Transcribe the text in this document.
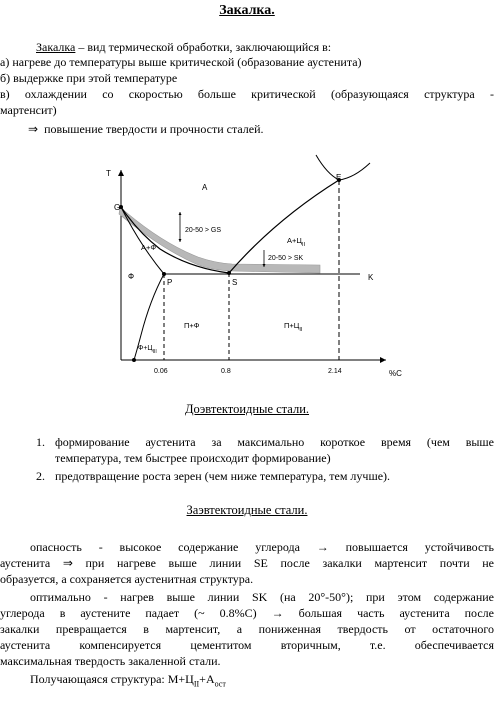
Закалка.
Закалка – вид термической обработки, заключающийся в:
а) нагреве до температуры выше критической (образование аустенита)
б) выдержке при этой температуре
в) охлаждении со скоростью больше критической (образующаяся структура -
мартенсит)
⇒ повышение твердости и прочности сталей.
T
%C
G
E
P	S
K
A
А+Ф
Ф
$А+Ц_{II}$
П+Ф	$П+Ц_{II}$
$Ф+Ц_{III}$
20-50 > GS
20-50 > SK
0.06	0.8	2.14
Доэвтектоидные стали.
1. формирование аустенита за максимально короткое время (чем выше
температура, тем быстрее происходит формирование)
2. предотвращение роста зерен (чем ниже температура, тем лучше).
Заэвтектоидные стали.
опасность - высокое содержание углерода → повышается устойчивость
аустенита ⇒ при нагреве выше линии SE после закалки мартенсит почти не
образуется, а сохраняется аустенитная структура.
оптимально - нагрев выше линии SK (на 20°-50°); при этом содержание
углерода в аустените падает (~ 0.8%С) → большая часть аустенита после
закалки превращается в мартенсит, а пониженная твердость от остаточного
аустенита компенсируется цементитом вторичным, т.е. обеспечивается
максимальная твердость закаленной стали.
Получающаяся структура: $М+Ц_{II}+А_{ост}$
